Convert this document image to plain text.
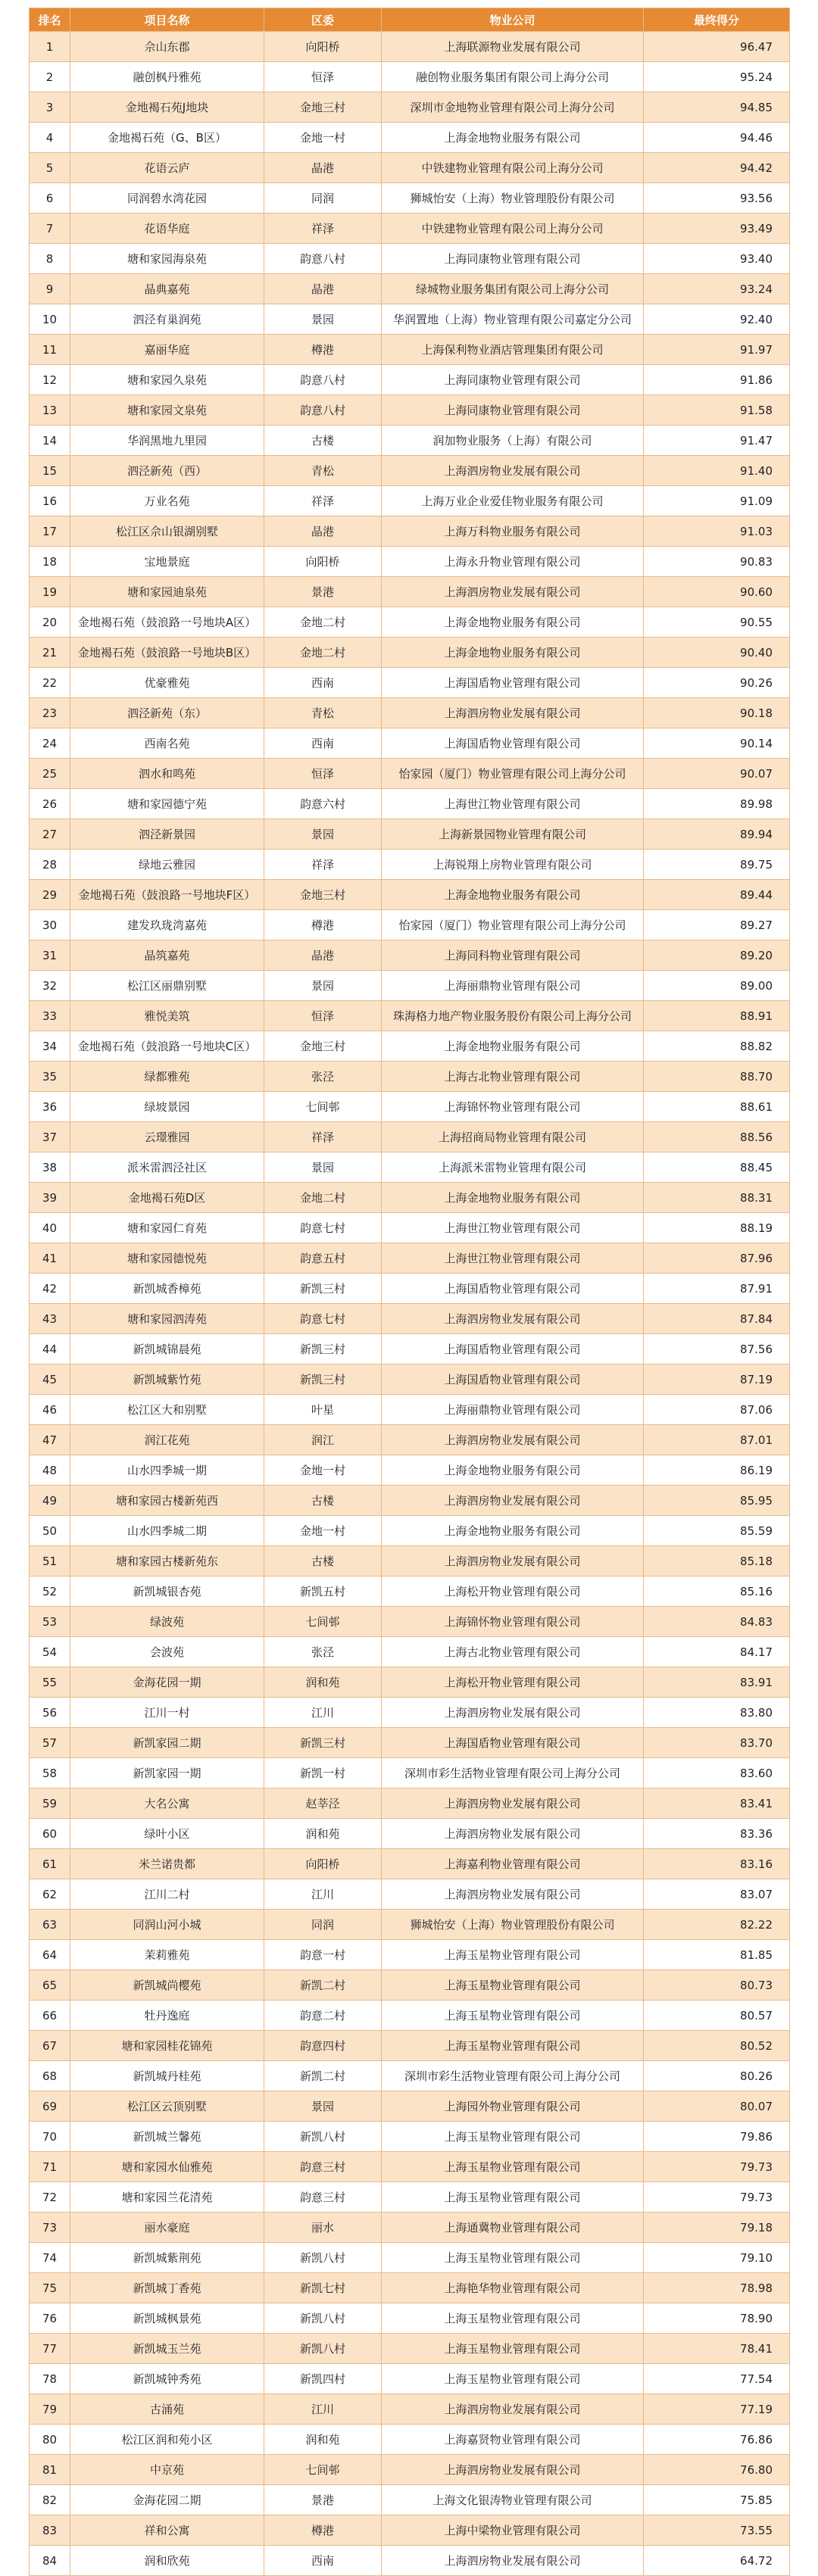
排名	项目名称	区委	物业公司	最终得分
1	佘山东郡	向阳桥	上海联源物业发展有限公司	96.47
2	融创枫丹雅苑	恒泽	融创物业服务集团有限公司上海分公司	95.24
3	金地褐石苑J地块	金地三村	深圳市金地物业管理有限公司上海分公司	94.85
4	金地褐石苑（G、B区）	金地一村	上海金地物业服务有限公司	94.46
5	花语云庐	晶港	中铁建物业管理有限公司上海分公司	94.42
6	同润碧水湾花园	同润	狮城怡安（上海）物业管理股份有限公司	93.56
7	花语华庭	祥泽	中铁建物业管理有限公司上海分公司	93.49
8	塘和家园海泉苑	韵意八村	上海同康物业管理有限公司	93.40
9	晶典嘉苑	晶港	绿城物业服务集团有限公司上海分公司	93.24
10	泗泾有巢润苑	景园	华润置地（上海）物业管理有限公司嘉定分公司	92.40
11	嘉丽华庭	樽港	上海保利物业酒店管理集团有限公司	91.97
12	塘和家园久泉苑	韵意八村	上海同康物业管理有限公司	91.86
13	塘和家园文泉苑	韵意八村	上海同康物业管理有限公司	91.58
14	华润黑地九里园	古楼	润加物业服务（上海）有限公司	91.47
15	泗泾新苑（西）	青松	上海泗房物业发展有限公司	91.40
16	万业名苑	祥泽	上海万业企业爱佳物业服务有限公司	91.09
17	松江区佘山银湖别墅	晶港	上海万科物业服务有限公司	91.03
18	宝地景庭	向阳桥	上海永升物业管理有限公司	90.83
19	塘和家园迪泉苑	景港	上海泗房物业发展有限公司	90.60
20	金地褐石苑（鼓浪路一号地块A区）	金地二村	上海金地物业服务有限公司	90.55
21	金地褐石苑（鼓浪路一号地块B区）	金地二村	上海金地物业服务有限公司	90.40
22	优豪雅苑	西南	上海国盾物业管理有限公司	90.26
23	泗泾新苑（东）	青松	上海泗房物业发展有限公司	90.18
24	西南名苑	西南	上海国盾物业管理有限公司	90.14
25	泗水和鸣苑	恒泽	怡家园（厦门）物业管理有限公司上海分公司	90.07
26	塘和家园德宁苑	韵意六村	上海世江物业管理有限公司	89.98
27	泗泾新景园	景园	上海新景园物业管理有限公司	89.94
28	绿地云雅园	祥泽	上海锐翔上房物业管理有限公司	89.75
29	金地褐石苑（鼓浪路一号地块F区）	金地三村	上海金地物业服务有限公司	89.44
30	建发玖珑湾嘉苑	樽港	怡家园（厦门）物业管理有限公司上海分公司	89.27
31	晶筑嘉苑	晶港	上海同科物业管理有限公司	89.20
32	松江区丽鼎别墅	景园	上海丽鼎物业管理有限公司	89.00
33	雅悦美筑	恒泽	珠海格力地产物业服务股份有限公司上海分公司	88.91
34	金地褐石苑（鼓浪路一号地块C区）	金地三村	上海金地物业服务有限公司	88.82
35	绿都雅苑	张泾	上海古北物业管理有限公司	88.70
36	绿坡景园	七间邨	上海锦怀物业管理有限公司	88.61
37	云璟雅园	祥泽	上海招商局物业管理有限公司	88.56
38	派米雷泗泾社区	景园	上海派米雷物业管理有限公司	88.45
39	金地褐石苑D区	金地二村	上海金地物业服务有限公司	88.31
40	塘和家园仁育苑	韵意七村	上海世江物业管理有限公司	88.19
41	塘和家园德悦苑	韵意五村	上海世江物业管理有限公司	87.96
42	新凯城香樟苑	新凯三村	上海国盾物业管理有限公司	87.91
43	塘和家园泗涛苑	韵意七村	上海泗房物业发展有限公司	87.84
44	新凯城锦晨苑	新凯三村	上海国盾物业管理有限公司	87.56
45	新凯城紫竹苑	新凯三村	上海国盾物业管理有限公司	87.19
46	松江区大和别墅	叶星	上海丽鼎物业管理有限公司	87.06
47	润江花苑	润江	上海泗房物业发展有限公司	87.01
48	山水四季城一期	金地一村	上海金地物业服务有限公司	86.19
49	塘和家园古楼新苑西	古楼	上海泗房物业发展有限公司	85.95
50	山水四季城二期	金地一村	上海金地物业服务有限公司	85.59
51	塘和家园古楼新苑东	古楼	上海泗房物业发展有限公司	85.18
52	新凯城银杏苑	新凯五村	上海松开物业管理有限公司	85.16
53	绿波苑	七间邨	上海锦怀物业管理有限公司	84.83
54	会波苑	张泾	上海古北物业管理有限公司	84.17
55	金海花园一期	润和苑	上海松开物业管理有限公司	83.91
56	江川一村	江川	上海泗房物业发展有限公司	83.80
57	新凯家园二期	新凯三村	上海国盾物业管理有限公司	83.70
58	新凯家园一期	新凯一村	深圳市彩生活物业管理有限公司上海分公司	83.60
59	大名公寓	赵莘泾	上海泗房物业发展有限公司	83.41
60	绿叶小区	润和苑	上海泗房物业发展有限公司	83.36
61	米兰诺贵都	向阳桥	上海嘉利物业管理有限公司	83.16
62	江川二村	江川	上海泗房物业发展有限公司	83.07
63	同润山河小城	同润	狮城怡安（上海）物业管理股份有限公司	82.22
64	茉莉雅苑	韵意一村	上海玉星物业管理有限公司	81.85
65	新凯城尚樱苑	新凯二村	上海玉星物业管理有限公司	80.73
66	牡丹逸庭	韵意二村	上海玉星物业管理有限公司	80.57
67	塘和家园桂花锦苑	韵意四村	上海玉星物业管理有限公司	80.52
68	新凯城丹桂苑	新凯二村	深圳市彩生活物业管理有限公司上海分公司	80.26
69	松江区云顶别墅	景园	上海园外物业管理有限公司	80.07
70	新凯城兰馨苑	新凯八村	上海玉星物业管理有限公司	79.86
71	塘和家园水仙雅苑	韵意三村	上海玉星物业管理有限公司	79.73
72	塘和家园兰花清苑	韵意三村	上海玉星物业管理有限公司	79.73
73	丽水豪庭	丽水	上海通冀物业管理有限公司	79.18
74	新凯城紫荆苑	新凯八村	上海玉星物业管理有限公司	79.10
75	新凯城丁香苑	新凯七村	上海艳华物业管理有限公司	78.98
76	新凯城枫景苑	新凯八村	上海玉星物业管理有限公司	78.90
77	新凯城玉兰苑	新凯八村	上海玉星物业管理有限公司	78.41
78	新凯城钟秀苑	新凯四村	上海玉星物业管理有限公司	77.54
79	古涌苑	江川	上海泗房物业发展有限公司	77.19
80	松江区润和苑小区	润和苑	上海嘉贤物业管理有限公司	76.86
81	中京苑	七间邨	上海泗房物业发展有限公司	76.80
82	金海花园二期	景港	上海文化银涛物业管理有限公司	75.85
83	祥和公寓	樽港	上海中梁物业管理有限公司	73.55
84	润和欣苑	西南	上海泗房物业发展有限公司	64.72
